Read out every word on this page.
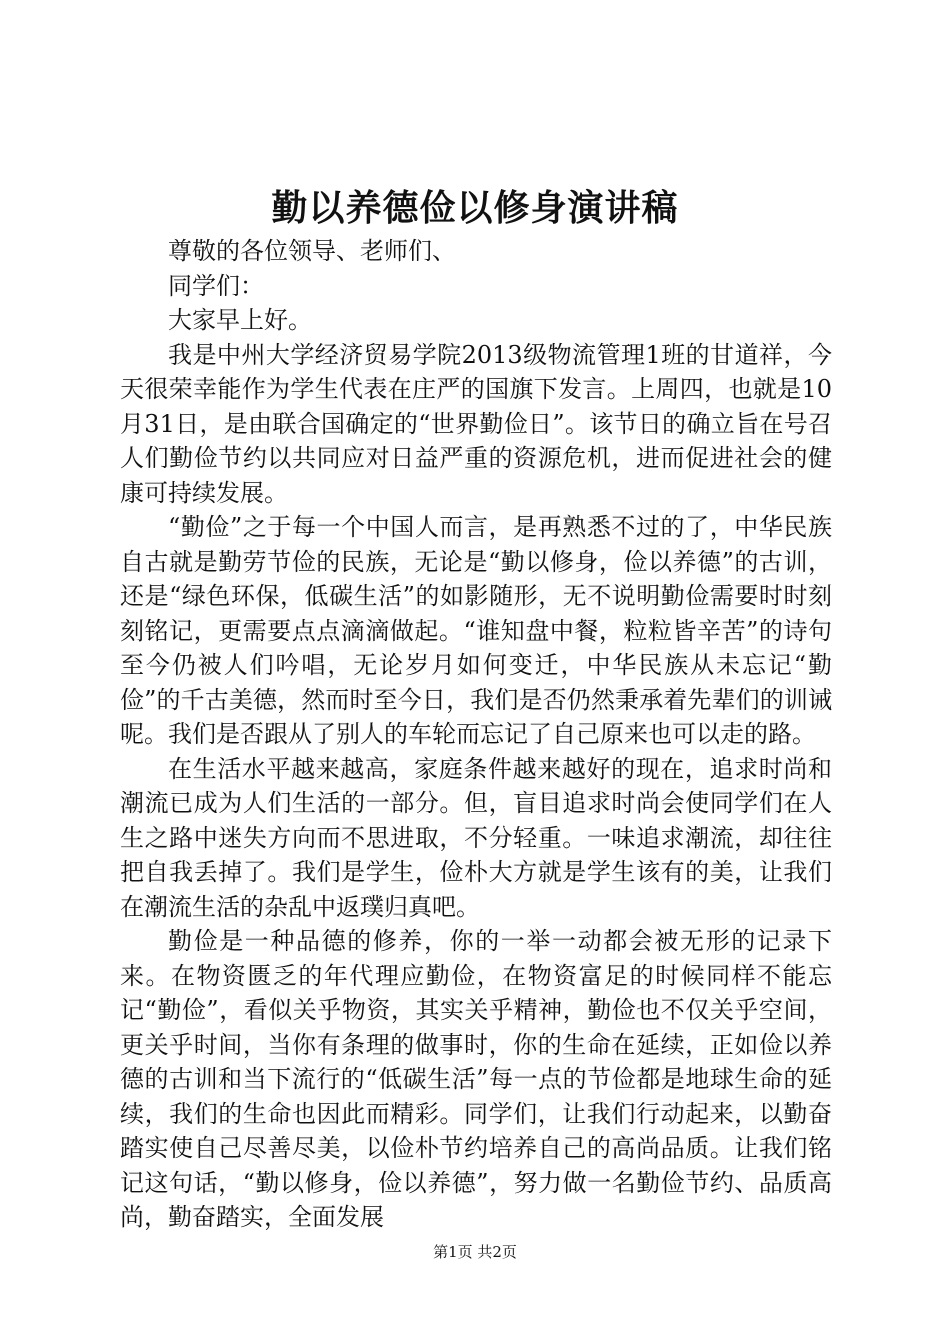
勤以养德俭以修身演讲稿

尊敬的各位领导、老师们、

同学们：

大家早上好。

我是中州大学经济贸易学院2013级物流管理1班的甘道祥，今天很荣幸能作为学生代表在庄严的国旗下发言。上周四，也就是10月31日，是由联合国确定的“世界勤俭日”。该节日的确立旨在号召人们勤俭节约以共同应对日益严重的资源危机，进而促进社会的健康可持续发展。

“勤俭”之于每一个中国人而言，是再熟悉不过的了，中华民族自古就是勤劳节俭的民族，无论是“勤以修身，俭以养德”的古训，还是“绿色环保，低碳生活”的如影随形，无不说明勤俭需要时时刻刻铭记，更需要点点滴滴做起。“谁知盘中餐，粒粒皆辛苦”的诗句至今仍被人们吟唱，无论岁月如何变迁，中华民族从未忘记“勤俭”的千古美德，然而时至今日，我们是否仍然秉承着先辈们的训诫呢。我们是否跟从了别人的车轮而忘记了自己原来也可以走的路。

在生活水平越来越高，家庭条件越来越好的现在，追求时尚和潮流已成为人们生活的一部分。但，盲目追求时尚会使同学们在人生之路中迷失方向而不思进取，不分轻重。一味追求潮流，却往往把自我丢掉了。我们是学生，俭朴大方就是学生该有的美，让我们在潮流生活的杂乱中返璞归真吧。

勤俭是一种品德的修养，你的一举一动都会被无形的记录下来。在物资匮乏的年代理应勤俭，在物资富足的时候同样不能忘记“勤俭”，看似关乎物资，其实关乎精神，勤俭也不仅关乎空间，更关乎时间，当你有条理的做事时，你的生命在延续，正如俭以养德的古训和当下流行的“低碳生活”每一点的节俭都是地球生命的延续，我们的生命也因此而精彩。同学们，让我们行动起来，以勤奋踏实使自己尽善尽美，以俭朴节约培养自己的高尚品质。让我们铭记这句话，“勤以修身，俭以养德”，努力做一名勤俭节约、品质高尚，勤奋踏实，全面发展

第1页 共2页
